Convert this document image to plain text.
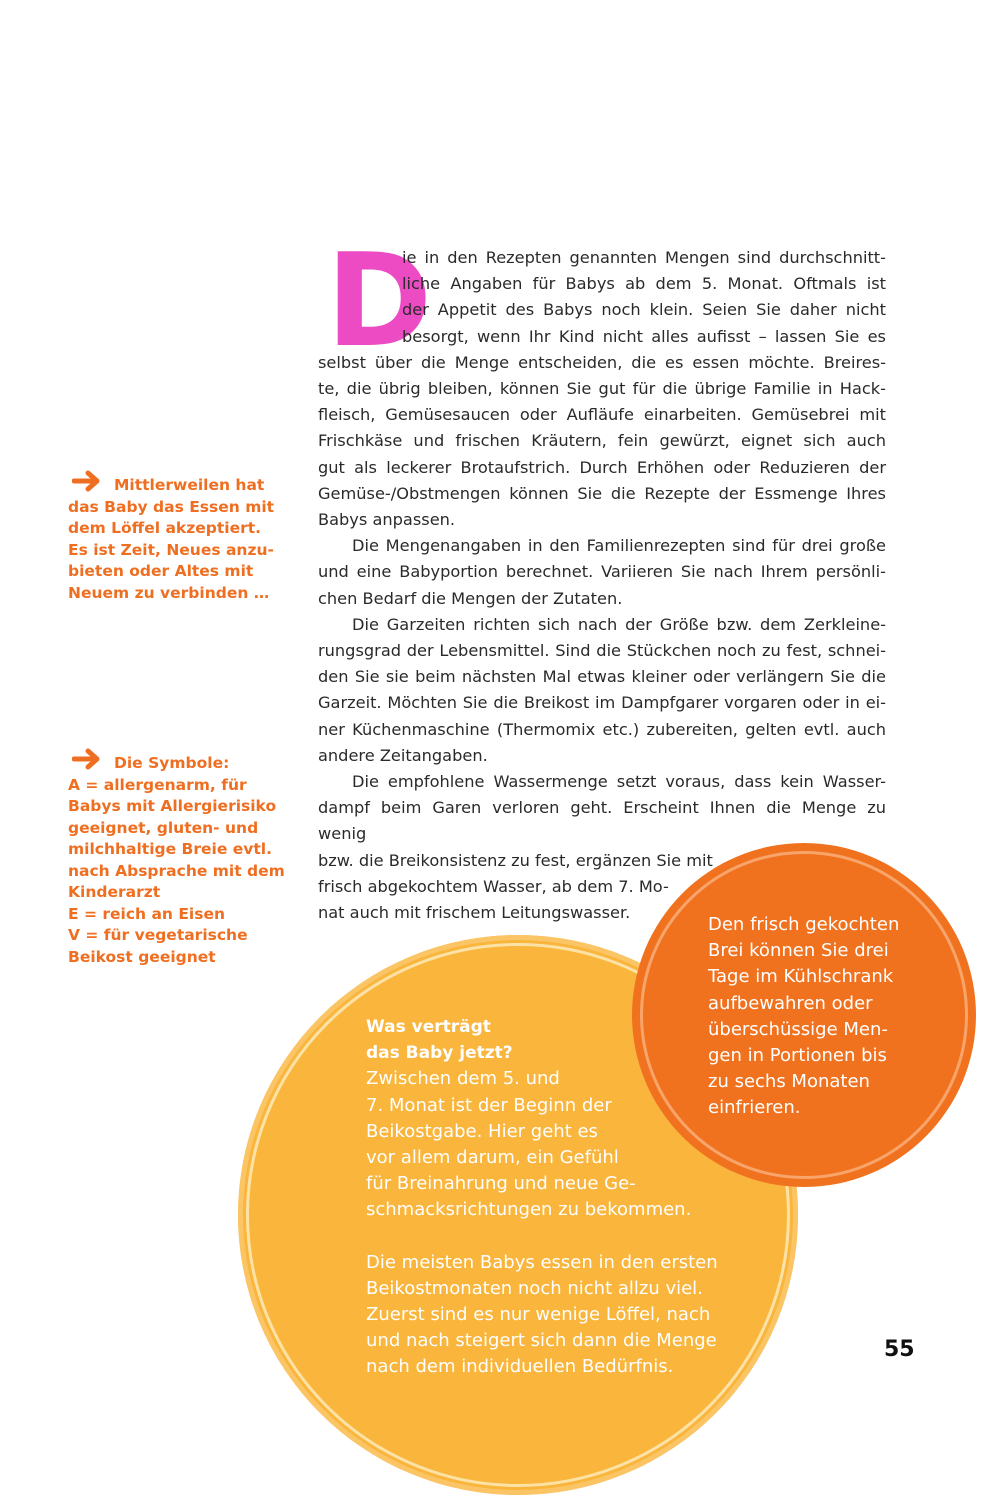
Mittlerweilen hat
das Baby das Essen mit
dem Löffel akzeptiert.
Es ist Zeit, Neues anzu-
bieten oder Altes mit
Neuem zu verbinden …
Die Symbole:
A = allergenarm, für
Babys mit Allergierisiko
geeignet, gluten- und
milchhaltige Breie evtl.
nach Absprache mit dem
Kinderarzt
E = reich an Eisen
V = für vegetarische
Beikost geeignet
D
ie in den Rezepten genannten Mengen sind durchschnitt-
liche Angaben für Babys ab dem 5. Monat. Oftmals ist
der Appetit des Babys noch klein. Seien Sie daher nicht
besorgt, wenn Ihr Kind nicht alles aufisst – lassen Sie es
selbst über die Menge entscheiden, die es essen möchte. Breires-
te, die übrig bleiben, können Sie gut für die übrige Familie in Hack-
fleisch, Gemüsesaucen oder Aufläufe einarbeiten. Gemüsebrei mit
Frischkäse und frischen Kräutern, fein gewürzt, eignet sich auch
gut als leckerer Brotaufstrich. Durch Erhöhen oder Reduzieren der
Gemüse-/Obstmengen können Sie die Rezepte der Essmenge Ihres
Babys anpassen.
Die Mengenangaben in den Familienrezepten sind für drei große
und eine Babyportion berechnet. Variieren Sie nach Ihrem persönli-
chen Bedarf die Mengen der Zutaten.
Die Garzeiten richten sich nach der Größe bzw. dem Zerkleine-
rungsgrad der Lebensmittel. Sind die Stückchen noch zu fest, schnei-
den Sie sie beim nächsten Mal etwas kleiner oder verlängern Sie die
Garzeit. Möchten Sie die Breikost im Dampfgarer vorgaren oder in ei-
ner Küchenmaschine (Thermomix etc.) zubereiten, gelten evtl. auch
andere Zeitangaben.
Die empfohlene Wassermenge setzt voraus, dass kein Wasser-
dampf beim Garen verloren geht. Erscheint Ihnen die Menge zu wenig
bzw. die Breikonsistenz zu fest, ergänzen Sie mit
frisch abgekochtem Wasser, ab dem 7. Mo-
nat auch mit frischem Leitungswasser.
Was verträgt
das Baby jetzt?
Zwischen dem 5. und
7. Monat ist der Beginn der
Beikostgabe. Hier geht es
vor allem darum, ein Gefühl
für Breinahrung und neue Ge-
schmacksrichtungen zu bekommen.
Die meisten Babys essen in den ersten
Beikostmonaten noch nicht allzu viel.
Zuerst sind es nur wenige Löffel, nach
und nach steigert sich dann die Menge
nach dem individuellen Bedürfnis.
Den frisch gekochten
Brei können Sie drei
Tage im Kühlschrank
aufbewahren oder
überschüssige Men-
gen in Portionen bis
zu sechs Monaten
einfrieren.
55
